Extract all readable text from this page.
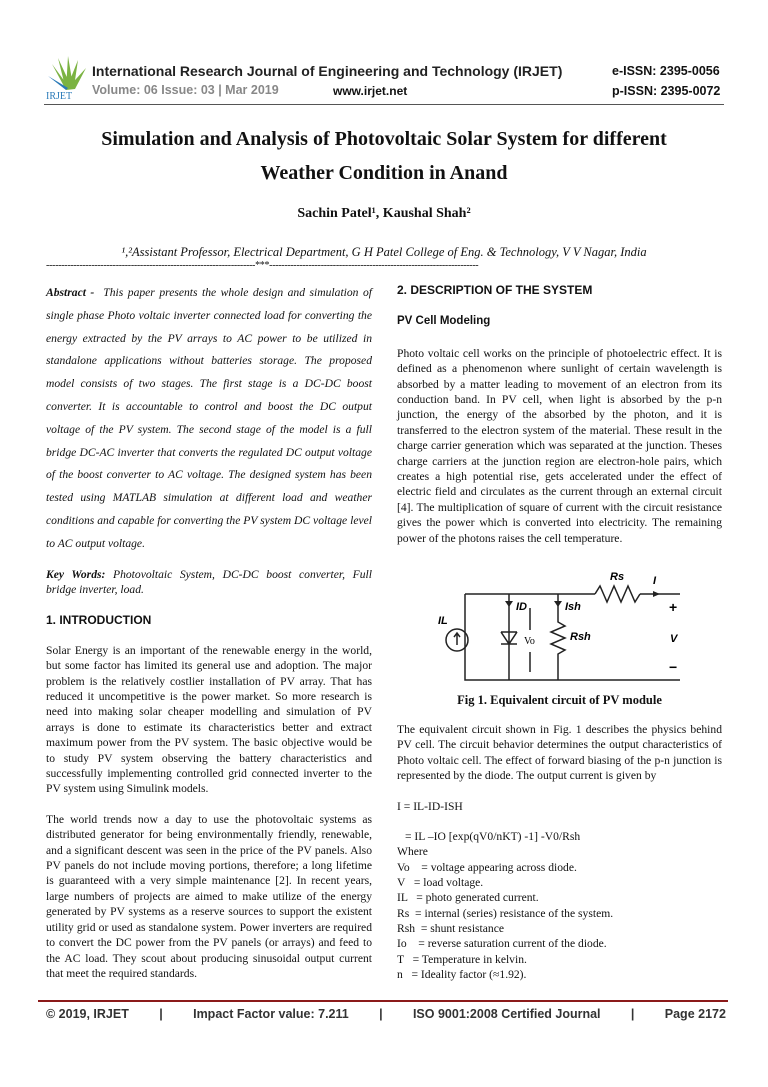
IRJET
International Research Journal of Engineering and Technology (IRJET)	e-ISSN: 2395-0056
Volume: 06 Issue: 03 | Mar 2019	www.irjet.net	p-ISSN: 2395-0072
Simulation and Analysis of Photovoltaic Solar System for different
Weather Condition in Anand
Sachin Patel¹, Kaushal Shah²
¹,²Assistant Professor, Electrical Department, G H Patel College of Eng. & Technology, V V Nagar, India
---------------------------------------------------------------------***---------------------------------------------------------------------

Abstract - This paper presents the whole design and simulation of single phase Photo voltaic inverter connected load for converting the energy extracted by the PV arrays to AC power to be utilized in standalone applications without batteries storage. The proposed model consists of two stages. The first stage is a DC-DC boost converter. It is accountable to control and boost the DC output voltage of the PV system. The second stage of the model is a full bridge DC-AC inverter that converts the regulated DC output voltage of the boost converter to AC voltage. The designed system has been tested using MATLAB simulation at different load and weather conditions and capable for converting the PV system DC voltage level to AC output voltage.

Key Words: Photovoltaic System, DC-DC boost converter, Full bridge inverter, load.

1. INTRODUCTION

Solar Energy is an important of the renewable energy in the world, but some factor has limited its general use and adoption. The major problem is the relatively costlier installation of PV array. That has reduced it uncompetitive is the power market. So more research is need into making solar cheaper modelling and simulation of PV arrays is done to estimate its characteristics better and extract maximum power from the PV system. The basic objective would be to study PV system observing the battery characteristics and successfully implementing controlled grid connected inverter to the PV system using Simulink models.

The world trends now a day to use the photovoltaic systems as distributed generator for being environmentally friendly, renewable, and a significant descent was seen in the price of the PV panels. Also PV panels do not include moving portions, therefore; a long lifetime is guaranteed with a very simple maintenance [2]. In recent years, large numbers of projects are aimed to make utilize of the energy generated by PV systems as a reserve sources to support the existent utility grid or used as standalone system. Power inverters are required to convert the DC power from the PV panels (or arrays) and feed to the AC load. They scout about producing sinusoidal output current that meet the required standards.

2. DESCRIPTION OF THE SYSTEM
PV Cell Modeling

Photo voltaic cell works on the principle of photoelectric effect. It is defined as a phenomenon where sunlight of certain wavelength is absorbed by a matter leading to movement of an electron from its conduction band. In PV cell, when light is absorbed by the p-n junction, the energy of the absorbed by the photon, and it is transferred to the electron system of the material. These result in the charge carrier generation which was separated at the junction. Theses charge carriers at the junction region are electron-hole pairs, which creates a high potential rise, gets accelerated under the effect of electric field and circulates as the current through an external circuit [4]. The multiplication of square of current with the circuit resistance gives the power which is converted into electricity. The remaining power of the photons raises the cell temperature.

IL
ID	Ish
Rsh
Rs	I
V
Vo
+
−
Fig 1. Equivalent circuit of PV module

The equivalent circuit shown in Fig. 1 describes the physics behind PV cell. The circuit behavior determines the output characteristics of Photo voltaic cell. The effect of forward biasing of the p-n junction is represented by the diode. The output current is given by

I = IL-ID-ISH
= IL –IO [exp(qV0/nKT) -1] -V0/Rsh
Where
Vo    = voltage appearing across diode.
V   = load voltage.
IL   = photo generated current.
Rs  = internal (series) resistance of the system.
Rsh  = shunt resistance
Io    = reverse saturation current of the diode.
T   = Temperature in kelvin.
n   = Ideality factor (≈1.92).
© 2019, IRJET | Impact Factor value: 7.211 | ISO 9001:2008 Certified Journal | Page 2172
